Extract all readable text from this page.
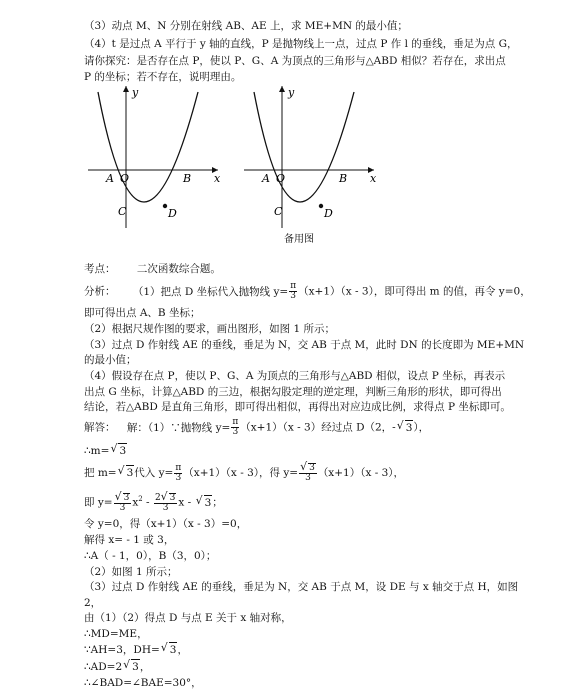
（3）动点 M、N 分别在射线 AB、AE 上，求 ME+MN 的最小值；
（4）t 是过点 A 平行于 y 轴的直线，P 是抛物线上一点，过点 P 作 l 的垂线，垂足为点 G，
请你探究：是否存在点 P，使以 P、G、A 为顶点的三角形与△ABD 相似？若存在，求出点
P 的坐标；若不存在，说明理由。
y
x
A O	B
C	D
y
x
A O	B
C	D
备用图
考点： 二次函数综合题。
分析： （1）把点 D 坐标代入抛物线 $y= \frac{\pi}{3} (x+1)(x - 3)$，即可得出 m 的值，再令 y=0，
即可得出点 A、B 坐标；
（2）根据尺规作图的要求，画出图形，如图 1 所示；
（3）过点 D 作射线 AE 的垂线，垂足为 N，交 AB 于点 M，此时 DN 的长度即为 ME+MN
的最小值；
（4）假设存在点 P，使以 P、G、A 为顶点的三角形与△ABD 相似，设点 P 坐标，再表示
出点 G 坐标，计算△ABD 的三边，根据勾股定理的逆定理，判断三角形的形状，即可得出
结论，若△ABD 是直角三角形，即可得出相似，再得出对应边成比例，求得点 P 坐标即可。
解答： 解：（1）∵抛物线 $y= \frac{\pi}{3} (x+1)(x - 3)$经过点 D（2，- √ 3），
∴m= √ 3
把 m= √ 3代入 $y= \frac{\pi}{3} (x+1)(x - 3)$，得 y= √ $\frac{3}{3} (x+1)(x - 3)$，
即 y= √ $\frac{3}{3} x^2 - \frac{2 √ 3}{3}$ x - √ 3；
令 y=0，得（x+1）（x - 3）=0，
解得 x= - 1 或 3，
∴A（ - 1，0），B（3，0）；
（2）如图 1 所示；
（3）过点 D 作射线 AE 的垂线，垂足为 N，交 AB 于点 M，设 DE 与 x 轴交于点 H，如图
2，
由（1）（2）得点 D 与点 E 关于 x 轴对称，
∴MD=ME，
∵AH=3，DH= √ 3，
∴AD=2 √ 3，
∴∠BAD=∠BAE=30°，
